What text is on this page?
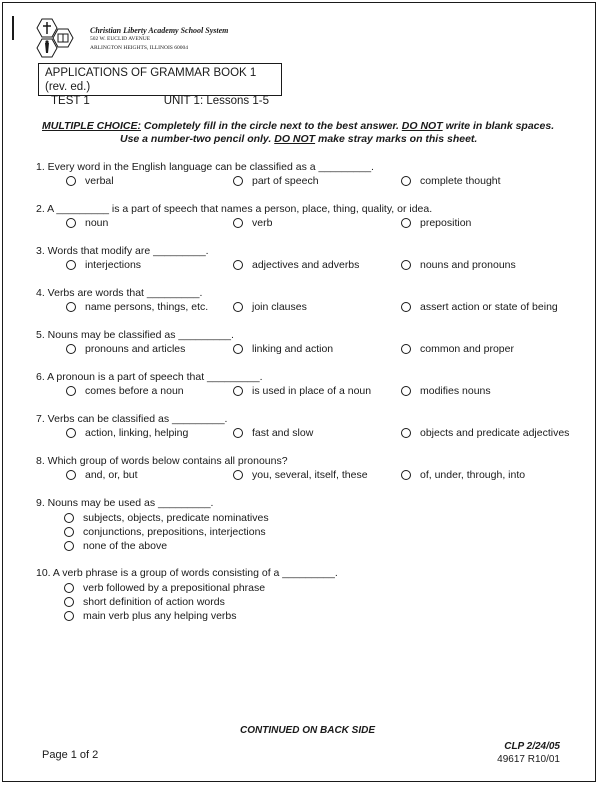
Christian Liberty Academy School System

502 W. EUCLID AVENUE

ARLINGTON HEIGHTS, ILLINOIS 60004

APPLICATIONS OF GRAMMAR BOOK 1 (rev. ed.)
TEST 1	UNIT 1: Lessons 1-5
MULTIPLE CHOICE: Completely fill in the circle next to the best answer. DO NOT write in blank spaces.
Use a number-two pencil only. DO NOT make stray marks on this sheet.

1. Every word in the English language can be classified as a _________.

verbal	part of speech	complete thought

2. A _________ is a part of speech that names a person, place, thing, quality, or idea.

noun	verb	preposition

3. Words that modify are _________.

interjections	adjectives and adverbs	nouns and pronouns

4. Verbs are words that _________.

name persons, things, etc.	join clauses	assert action or state of being

5. Nouns may be classified as _________.

pronouns and articles	linking and action	common and proper

6. A pronoun is a part of speech that _________.

comes before a noun	is used in place of a noun	modifies nouns

7. Verbs can be classified as _________.

action, linking, helping	fast and slow	objects and predicate adjectives

8. Which group of words below contains all pronouns?

and, or, but	you, several, itself, these	of, under, through, into

9. Nouns may be used as _________.

subjects, objects, predicate nominatives
conjunctions, prepositions, interjections
none of the above

10. A verb phrase is a group of words consisting of a _________.

verb followed by a prepositional phrase
short definition of action words
main verb plus any helping verbs
CONTINUED ON BACK SIDE
Page 1 of 2
CLP 2/24/05
49617 R10/01
